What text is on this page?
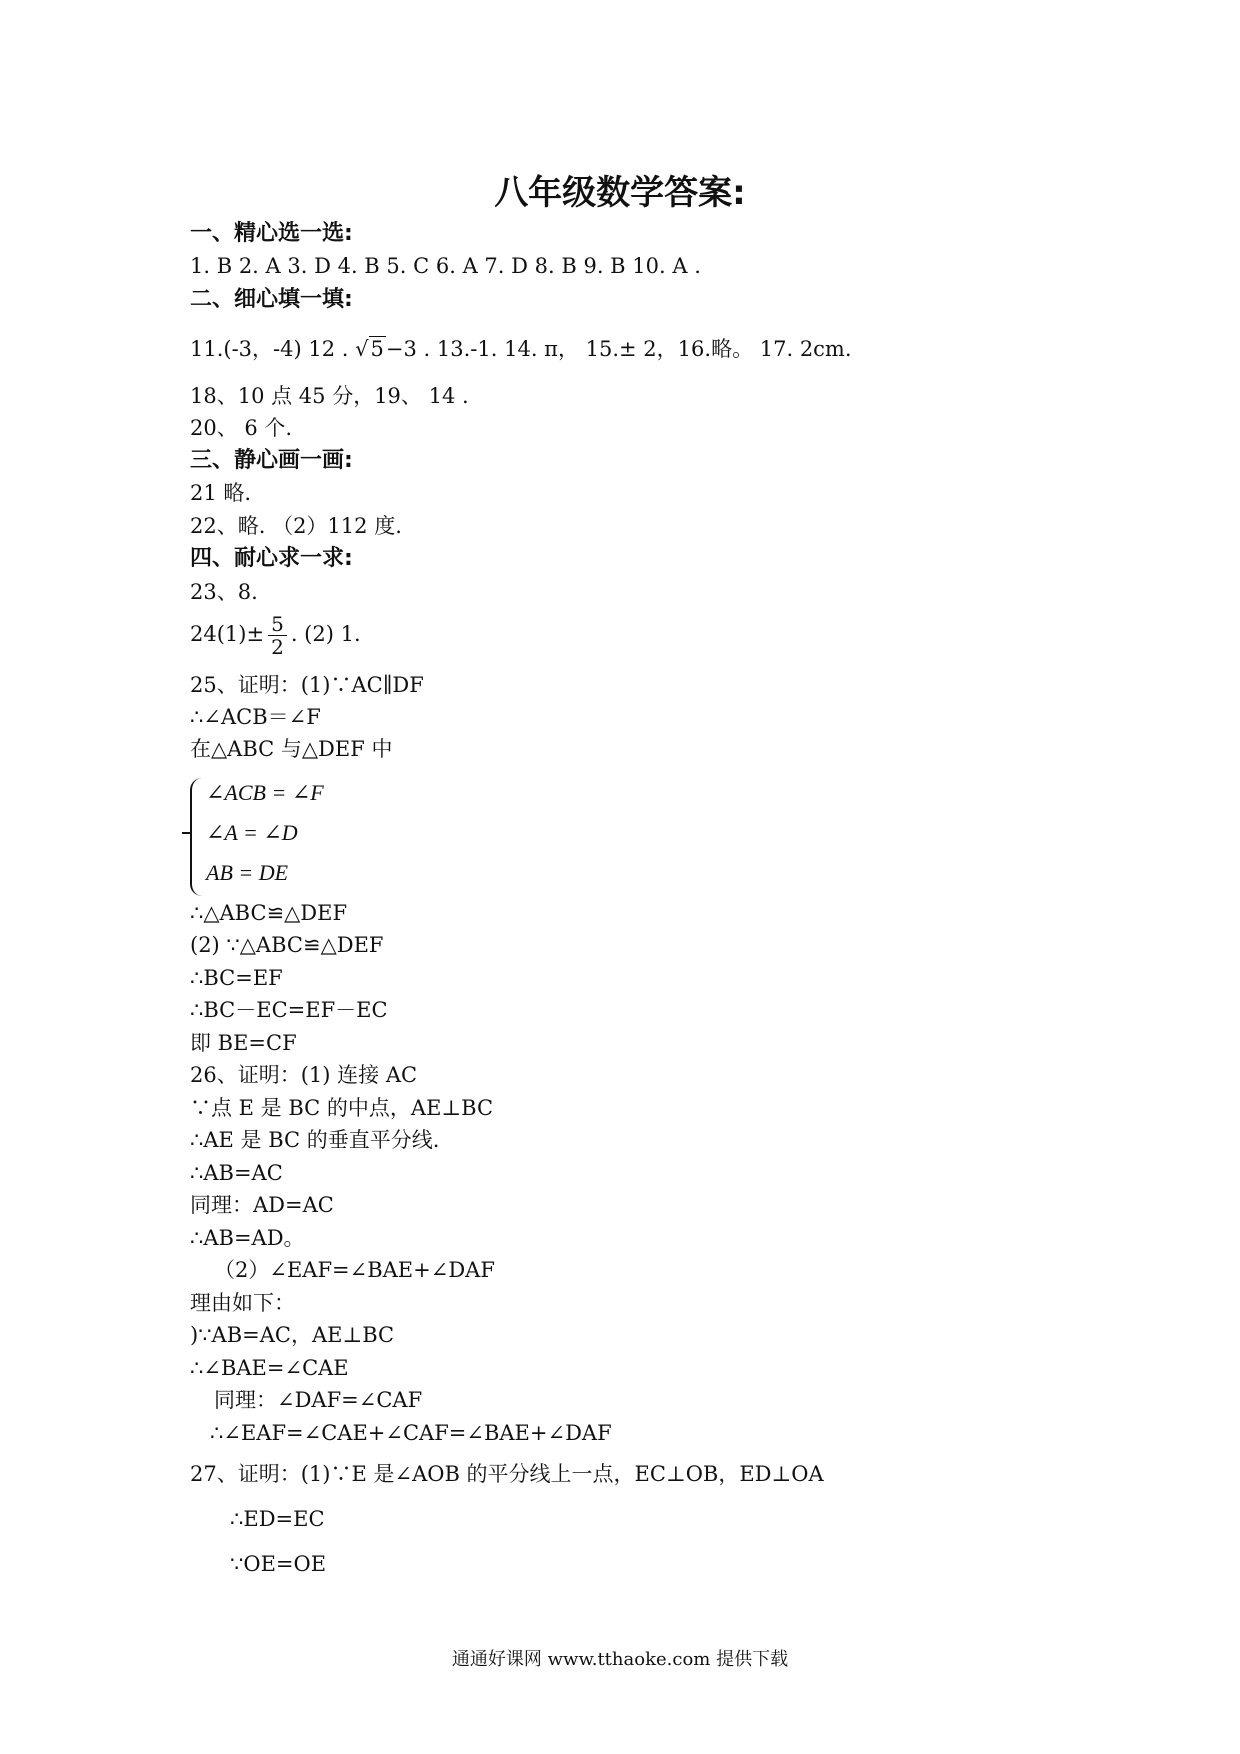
八年级数学答案:
一、精心选一选:
1. B 2. A 3. D 4. B 5. C 6. A 7. D 8. B 9. B 10. A .
二、细心填一填:
11.(-3，-4) 12 . √5−3 . 13.-1. 14. π， 15.± 2，16.略。 17. 2cm.
18、10 点 45 分，19、 14 .
20、 6 个.
三、静心画一画:
21 略.
22、略. （2）112 度.
四、耐心求一求:
23、8.
$24(1)\pm \frac{5}{2}$ . (2) 1.
25、证明：(1)∵AC∥DF
∴∠ACB＝∠F
在△ABC 与△DEF 中
∠ACB = ∠F
∠A = ∠D
AB = DE
∴△ABC≌△DEF
(2) ∵△ABC≌△DEF
∴BC=EF
∴BC－EC=EF－EC
即 BE=CF
26、证明：(1) 连接 AC
∵点 E 是 BC 的中点，AE⊥BC
∴AE 是 BC 的垂直平分线.
∴AB=AC
同理：AD=AC
∴AB=AD。
（2）∠EAF=∠BAE+∠DAF
理由如下：
)∵AB=AC，AE⊥BC
∴∠BAE=∠CAE
同理：∠DAF=∠CAF
∴∠EAF=∠CAE+∠CAF=∠BAE+∠DAF
27、证明：(1)∵E 是∠AOB 的平分线上一点，EC⊥OB，ED⊥OA
∴ED=EC
∵OE=OE
通通好课网 www.tthaoke.com 提供下载
